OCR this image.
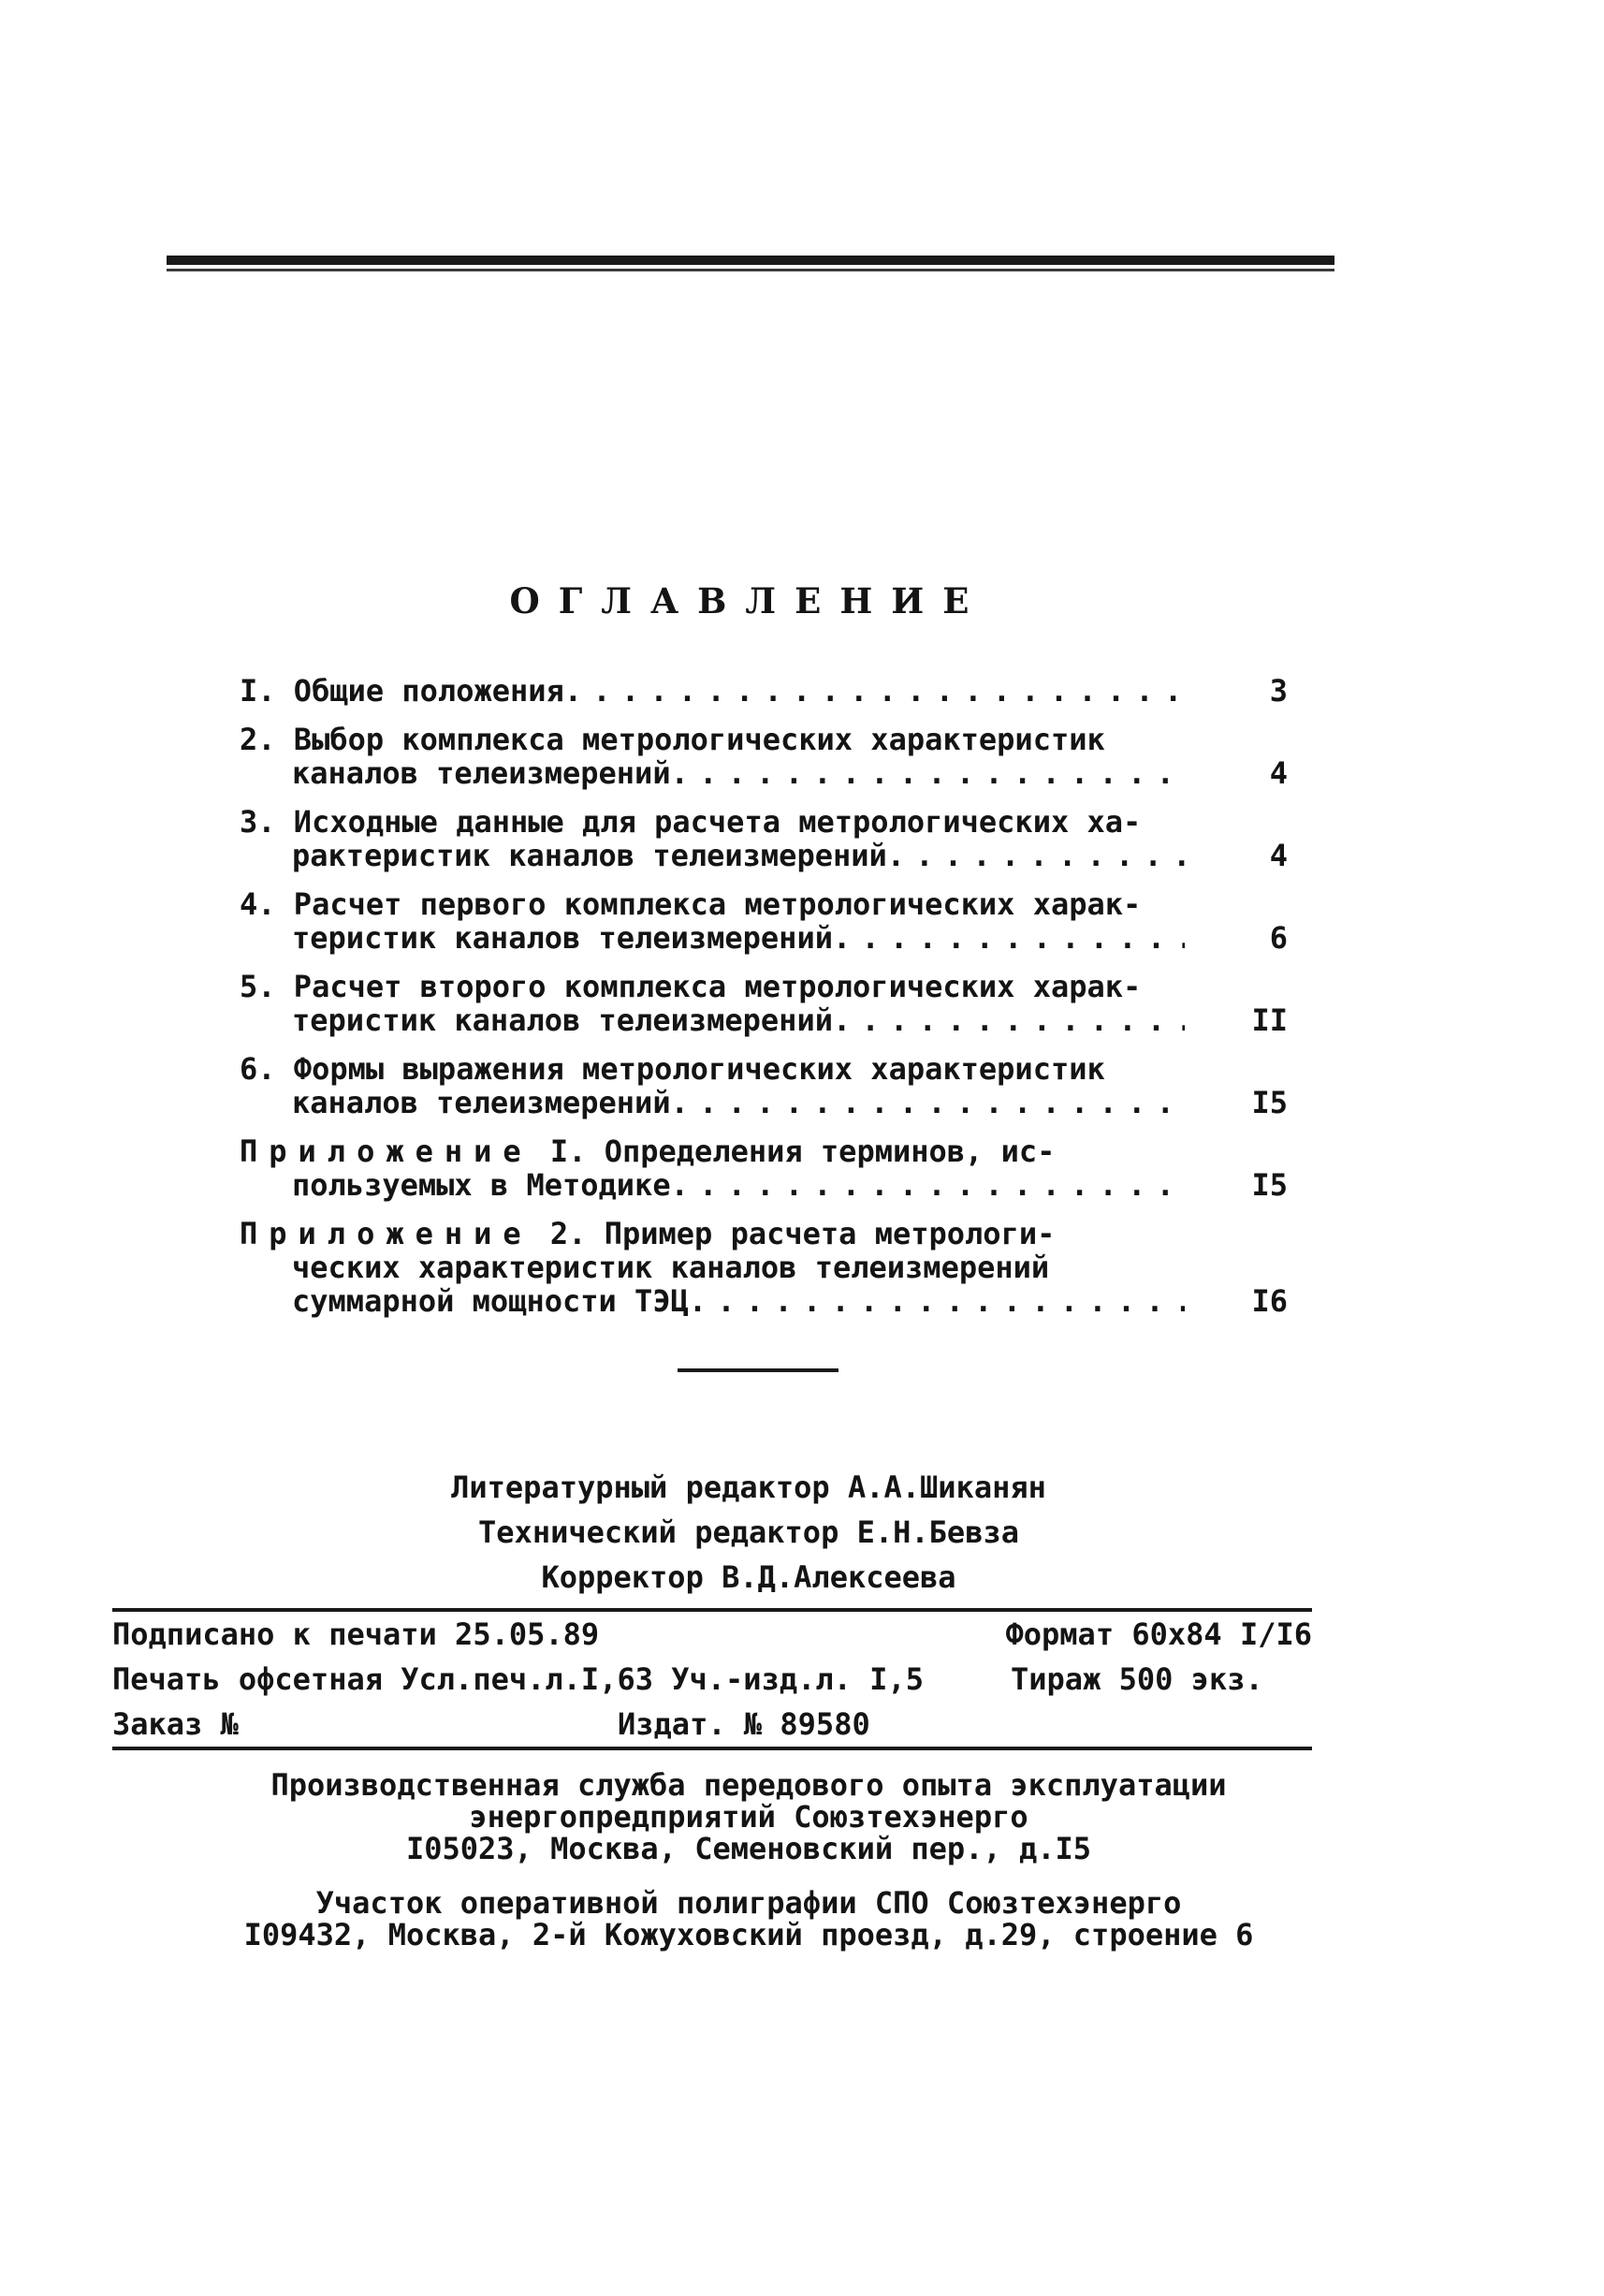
ОГЛАВЛЕНИЕ
I. Общие положения . . .	3
2. Выбор комплекса метрологических характеристик
каналов телеизмерений . . .	4
3. Исходные данные для расчета метрологических ха-
рактеристик каналов телеизмерений . . .	4
4. Расчет первого комплекса метрологических харак-
теристик каналов телеизмерений . . .	6
5. Расчет второго комплекса метрологических харак-
теристик каналов телеизмерений . . .	II
6. Формы выражения метрологических характеристик
каналов телеизмерений . . .	I5
Приложение I. Определения терминов, ис-
пользуемых в Методике . . .	I5
Приложение 2. Пример расчета метрологи-
ческих характеристик каналов телеизмерений
суммарной мощности ТЭЦ . . .	I6
Литературный редактор А.А.Шиканян
Технический редактор Е.Н.Бевза
Корректор В.Д.Алексеева
Подписано к печати 25.05.89	Формат 60x84 I/I6
Печать офсетная Усл.печ.л.I,63 Уч.-изд.л. I,5	Тираж 500 экз.
Заказ №	Издат. № 89580
Производственная служба передового опыта эксплуатации
энергопредприятий Союзтехэнерго
I05023, Москва, Семеновский пер., д.I5
Участок оперативной полиграфии СПО Союзтехэнерго
I09432, Москва, 2-й Кожуховский проезд, д.29, строение 6
